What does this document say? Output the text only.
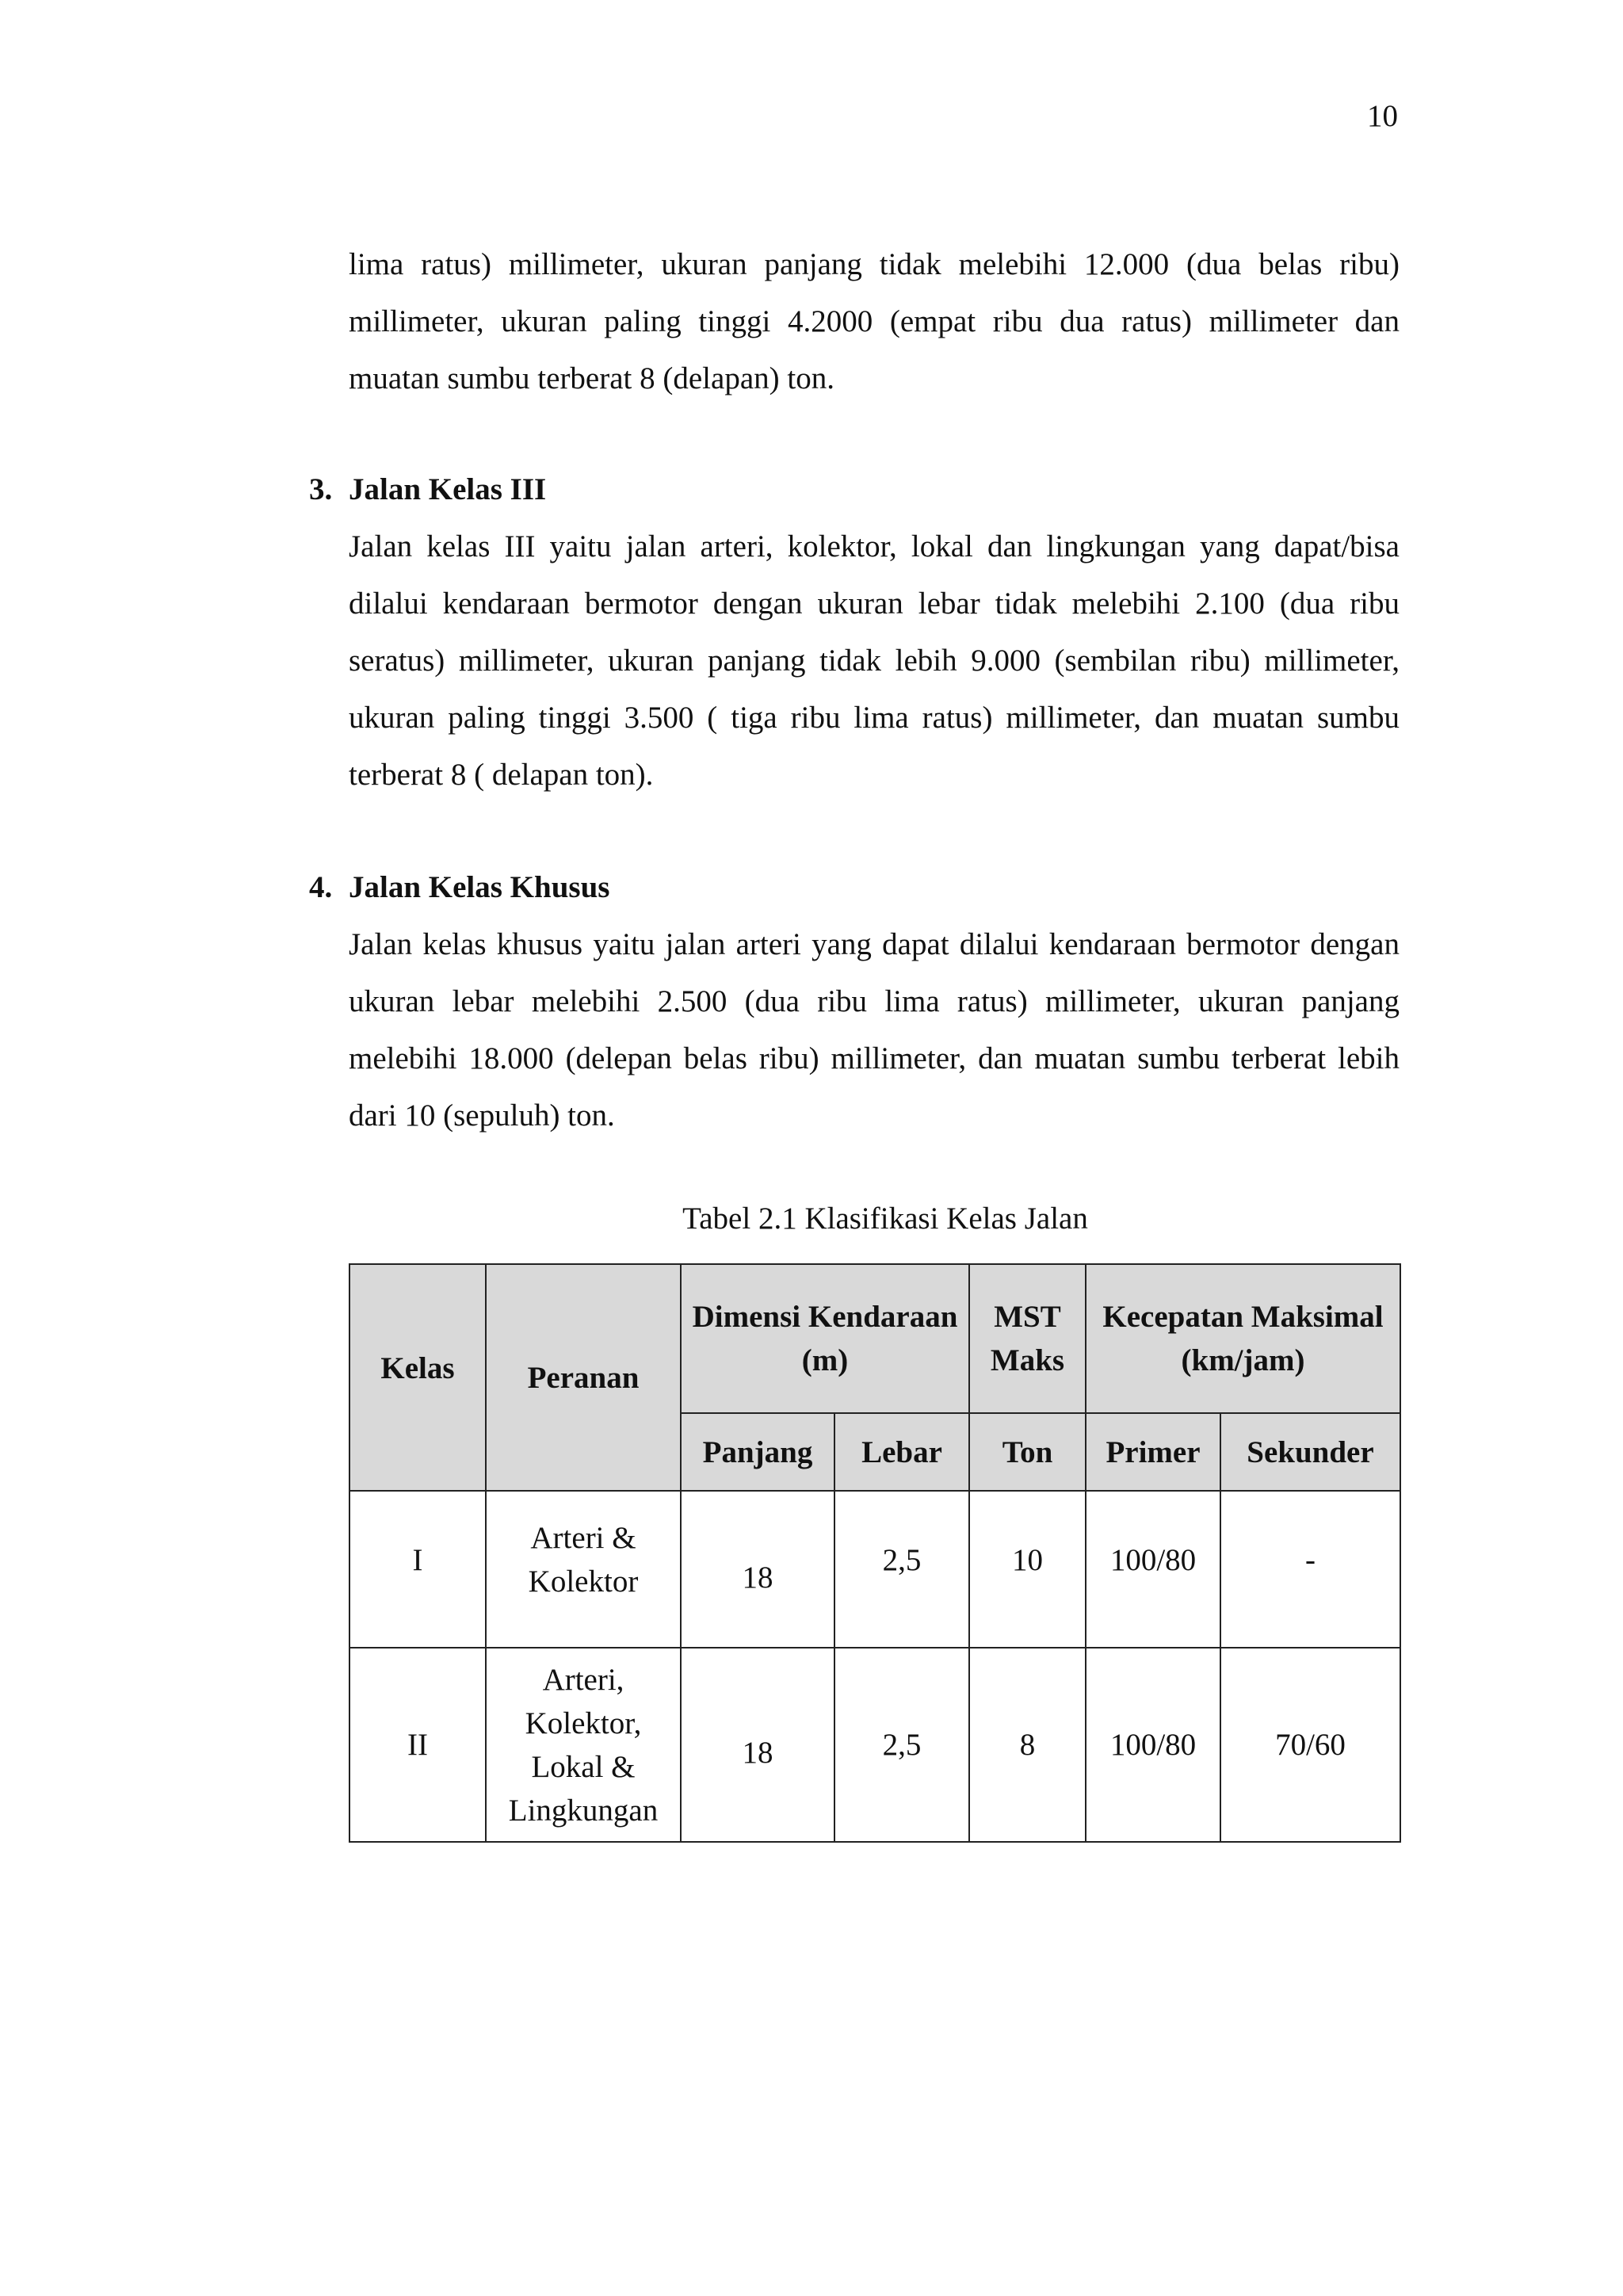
10

lima ratus) millimeter, ukuran panjang tidak melebihi 12.000 (dua belas ribu) millimeter, ukuran paling tinggi 4.2000 (empat ribu dua ratus) millimeter dan muatan sumbu terberat 8 (delapan) ton.

3. Jalan Kelas III

Jalan kelas III yaitu jalan arteri, kolektor, lokal dan lingkungan yang dapat/bisa dilalui kendaraan bermotor dengan ukuran lebar tidak melebihi 2.100 (dua ribu seratus) millimeter, ukuran panjang tidak lebih 9.000 (sembilan ribu) millimeter, ukuran paling tinggi 3.500 ( tiga ribu lima ratus) millimeter, dan muatan sumbu terberat 8 ( delapan ton).

4. Jalan Kelas Khusus

Jalan kelas khusus yaitu jalan arteri yang dapat dilalui kendaraan bermotor dengan ukuran lebar melebihi 2.500 (dua ribu lima ratus) millimeter, ukuran panjang melebihi 18.000 (delepan belas ribu) millimeter, dan muatan sumbu terberat lebih dari 10 (sepuluh) ton.

Tabel 2.1 Klasifikasi Kelas Jalan
Kelas	Peranan	Dimensi Kendaraan (m)		MST Maks	Kecepatan Maksimal (km/jam)	
		Panjang	Lebar	Ton	Primer	Sekunder
I	Arteri &
Kolektor	18	2,5	10	100/80	-
II	Arteri,
Kolektor,
Lokal &
Lingkungan	18	2,5	8	100/80	70/60
